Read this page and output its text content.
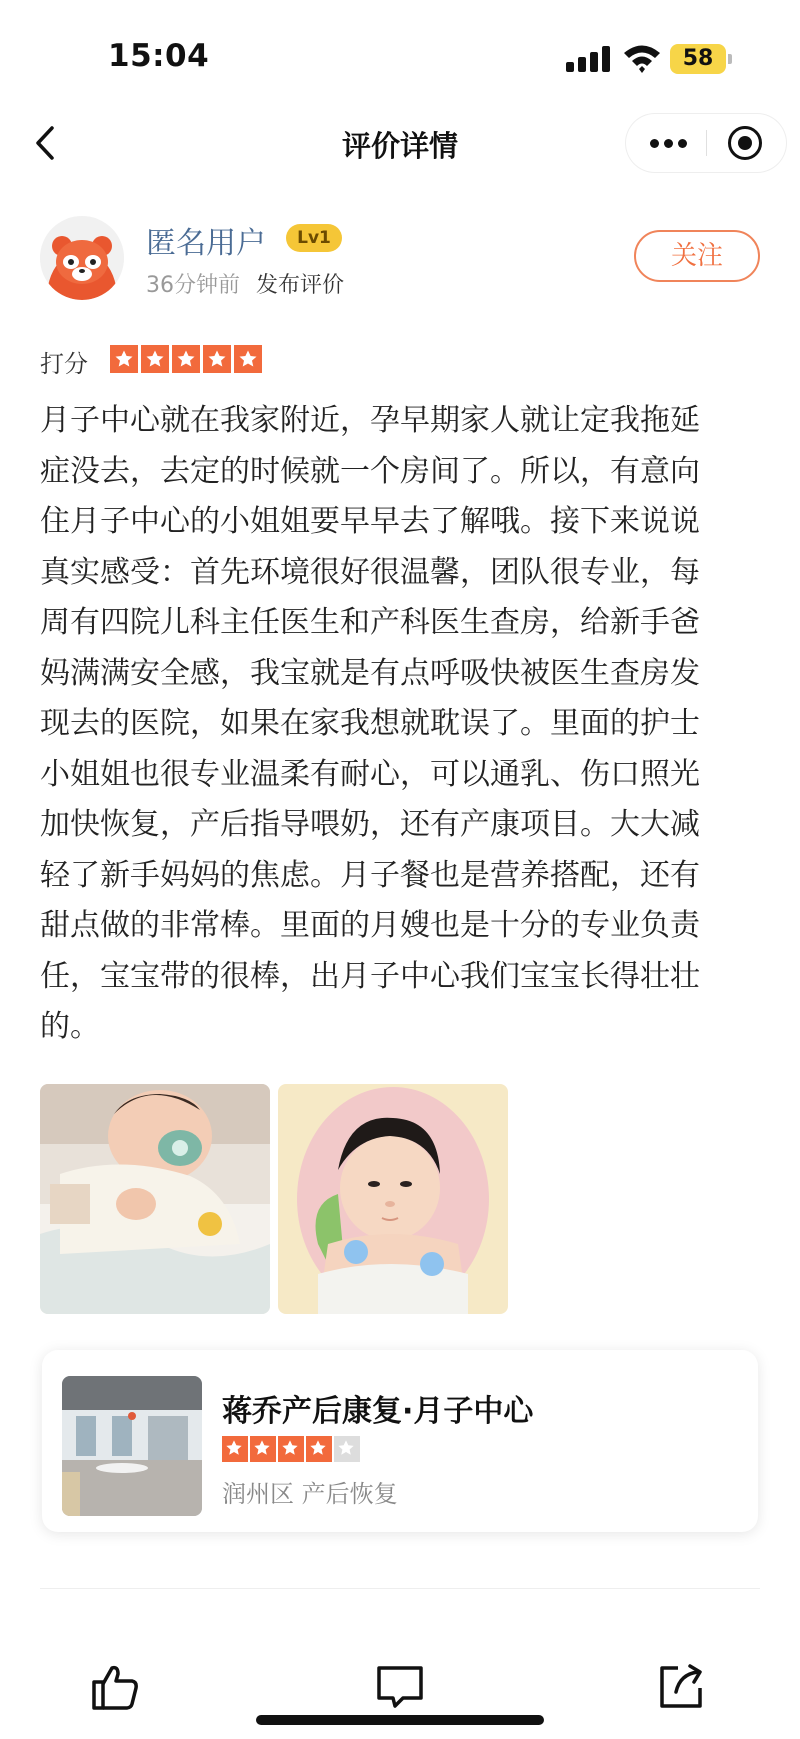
15:04	58
评价详情
匿名用户	Lv1
36分钟前 发布评价
关注
打分
月子中心就在我家附近，孕早期家人就让定我拖延
症没去，去定的时候就一个房间了。所以，有意向
住月子中心的小姐姐要早早去了解哦。接下来说说
真实感受：首先环境很好很温馨，团队很专业，每
周有四院儿科主任医生和产科医生查房，给新手爸
妈满满安全感，我宝就是有点呼吸快被医生查房发
现去的医院，如果在家我想就耽误了。里面的护士
小姐姐也很专业温柔有耐心，可以通乳、伤口照光
加快恢复，产后指导喂奶，还有产康项目。大大减
轻了新手妈妈的焦虑。月子餐也是营养搭配，还有
甜点做的非常棒。里面的月嫂也是十分的专业负责
任，宝宝带的很棒，出月子中心我们宝宝长得壮壮
的。
蒋乔产后康复·月子中心
润州区 产后恢复
